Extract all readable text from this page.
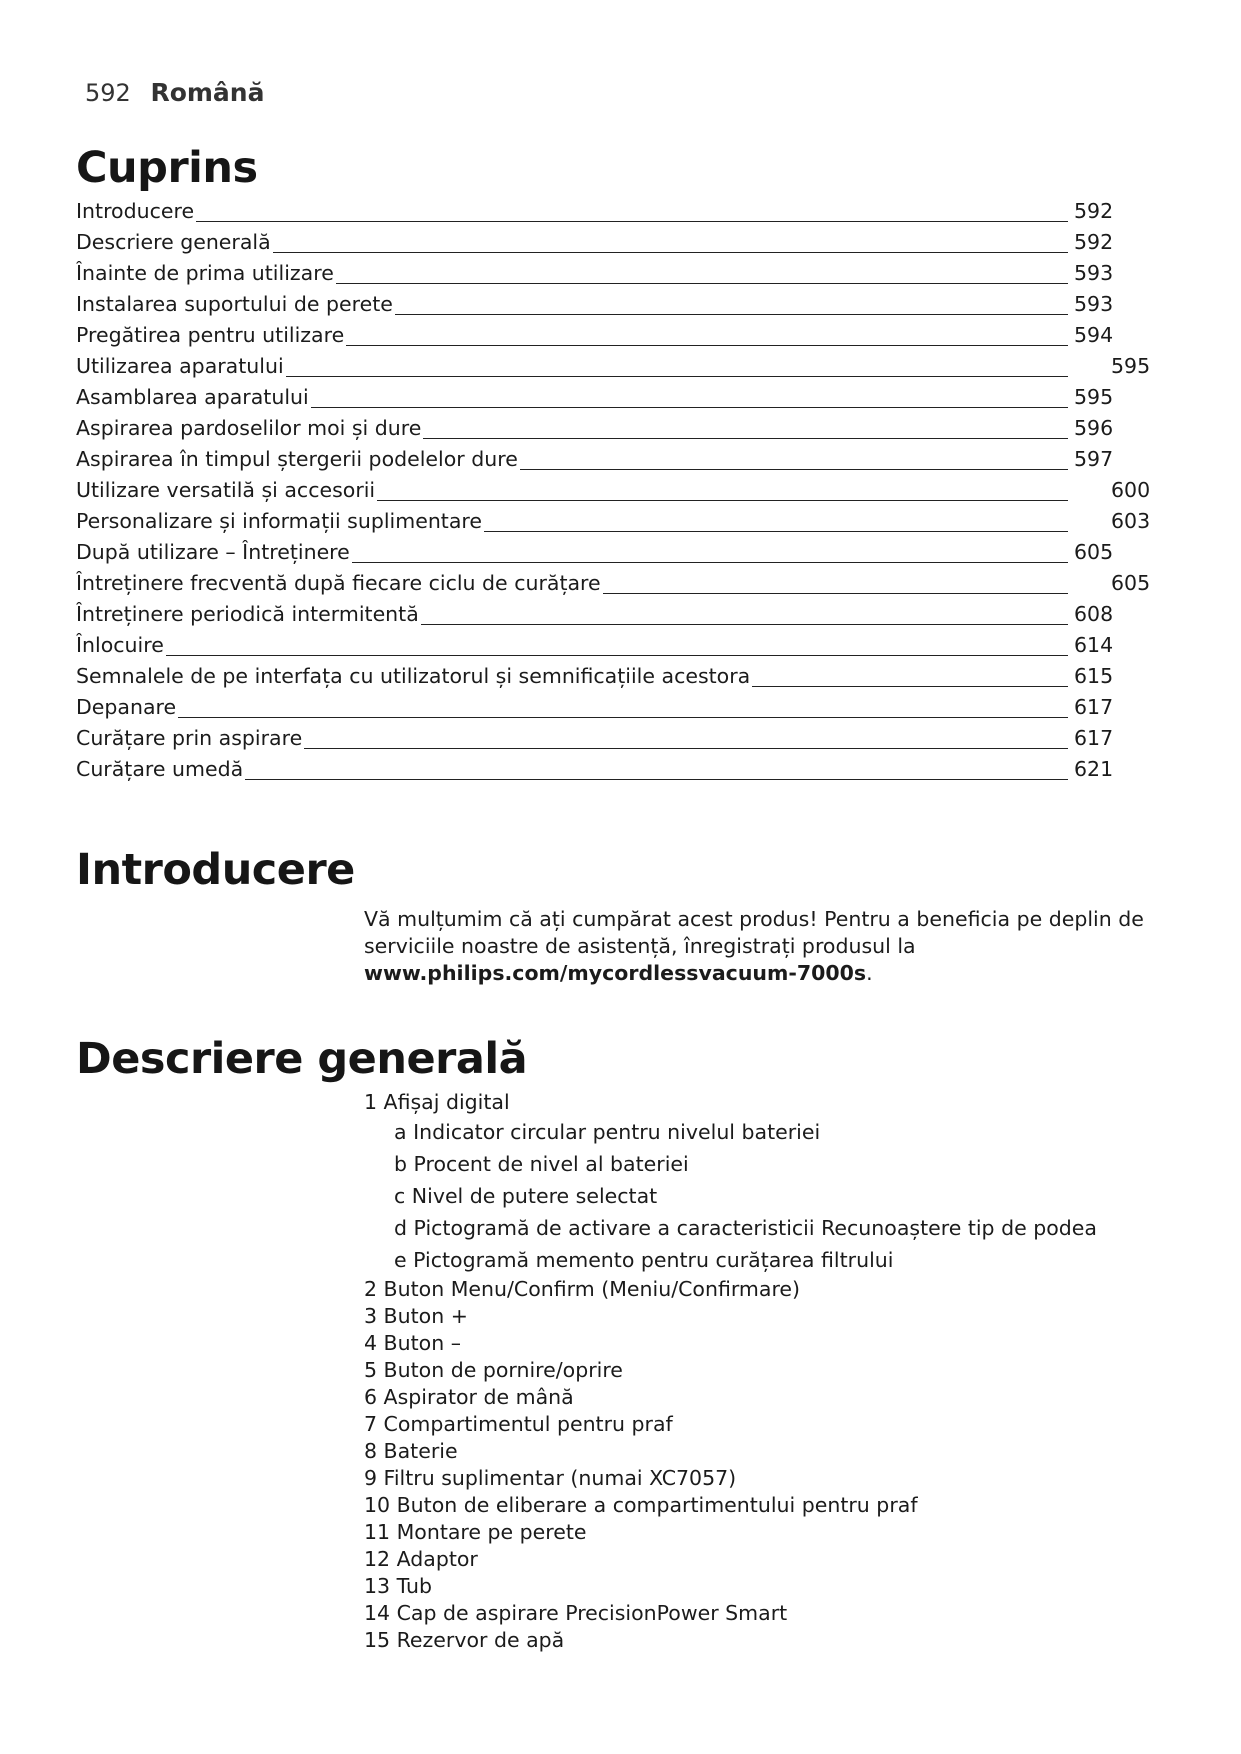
592 Română
Cuprins
Introducere	592
Descriere generală	592
Înainte de prima utilizare	593
Instalarea suportului de perete	593
Pregătirea pentru utilizare	594
Utilizarea aparatului	595
Asamblarea aparatului	595
Aspirarea pardoselilor moi și dure	596
Aspirarea în timpul ștergerii podelelor dure	597
Utilizare versatilă și accesorii	600
Personalizare și informații suplimentare	603
După utilizare – Întreținere	605
Întreținere frecventă după fiecare ciclu de curățare	605
Întreținere periodică intermitentă	608
Înlocuire	614
Semnalele de pe interfața cu utilizatorul și semnificațiile acestora	615
Depanare	617
Curățare prin aspirare	617
Curățare umedă	621
Introducere
Vă mulțumim că ați cumpărat acest produs! Pentru a beneficia pe deplin de serviciile noastre de asistență, înregistrați produsul la
www.philips.com/mycordlessvacuum-7000s.
Descriere generală
1 Afișaj digital
a Indicator circular pentru nivelul bateriei
b Procent de nivel al bateriei
c Nivel de putere selectat
d Pictogramă de activare a caracteristicii Recunoaștere tip de podea
e Pictogramă memento pentru curățarea filtrului
2 Buton Menu/Confirm (Meniu/Confirmare)
3 Buton +
4 Buton –
5 Buton de pornire/oprire
6 Aspirator de mână
7 Compartimentul pentru praf
8 Baterie
9 Filtru suplimentar (numai XC7057)
10 Buton de eliberare a compartimentului pentru praf
11 Montare pe perete
12 Adaptor
13 Tub
14 Cap de aspirare PrecisionPower Smart
15 Rezervor de apă
